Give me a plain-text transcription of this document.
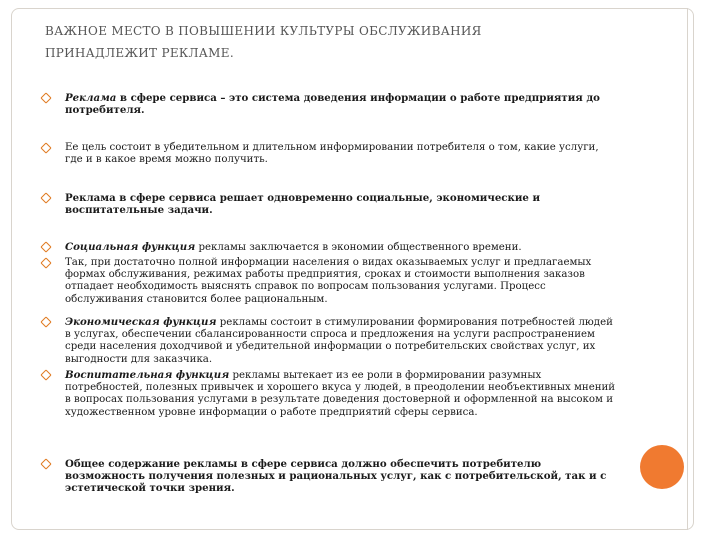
ВАЖНОЕ МЕСТО В ПОВЫШЕНИИ КУЛЬТУРЫ ОБСЛУЖИВАНИЯ
ПРИНАДЛЕЖИТ РЕКЛАМЕ.
Реклама в сфере сервиса – это система доведения информации о работе предприятия до потребителя.
Ее цель состоит в убедительном и длительном информировании потребителя о том, какие услуги, где и в какое время можно получить.
Реклама в сфере сервиса решает одновременно социальные, экономические и воспитательные задачи.
Социальная функция рекламы заключается в экономии общественного времени.
Так, при достаточно полной информации населения о видах оказываемых услуг и предлагаемых формах обслуживания, режимах работы предприятия, сроках и стоимости выполнения заказов отпадает необходимость выяснять справок по вопросам пользования услугами. Процесс обслуживания становится более рациональным.
Экономическая функция рекламы состоит в стимулировании формирования потребностей людей в услугах, обеспечении сбалансированности спроса и предложения на услуги распространением среди населения доходчивой и убедительной информации о потребительских свойствах услуг, их выгодности для заказчика.
Воспитательная функция рекламы вытекает из ее роли в формировании разумных потребностей, полезных привычек и хорошего вкуса у людей, в преодолении необъективных мнений в вопросах пользования услугами в результате доведения достоверной и оформленной на высоком и художественном уровне информации о работе предприятий сферы сервиса.
Общее содержание рекламы в сфере сервиса должно обеспечить потребителю возможность получения полезных и рациональных услуг, как с потребительской, так и с эстетической точки зрения.
